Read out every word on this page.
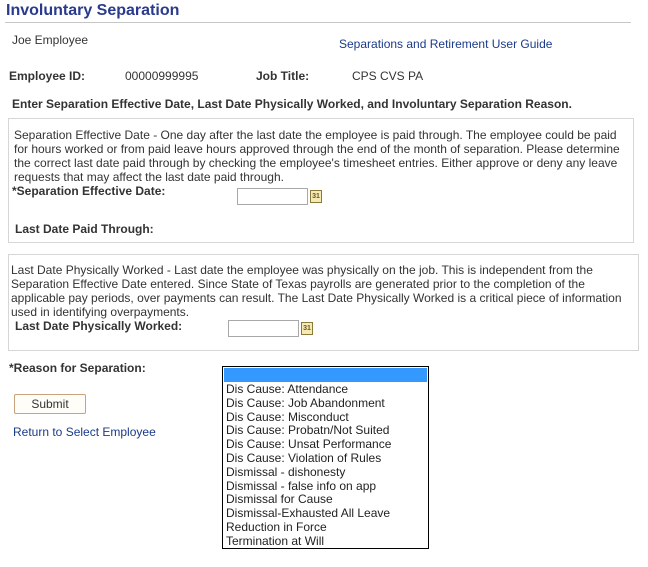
Involuntary Separation
Joe Employee	Separations and Retirement User Guide
Employee ID:	00000999995	Job Title:	CPS CVS PA
Enter Separation Effective Date, Last Date Physically Worked, and Involuntary Separation Reason.
Separation Effective Date - One day after the last date the employee is paid through. The employee could be paid for hours worked or from paid leave hours approved through the end of the month of separation. Please determine the correct last date paid through by checking the employee's timesheet entries. Either approve or deny any leave requests that may affect the last date paid through.
*Separation Effective Date:	31
Last Date Paid Through:
Last Date Physically Worked - Last date the employee was physically on the job. This is independent from the Separation Effective Date entered. Since State of Texas payrolls are generated prior to the completion of the applicable pay periods, over payments can result. The Last Date Physically Worked is a critical piece of information used in identifying overpayments.
Last Date Physically Worked:	31
*Reason for Separation:
Submit
Return to Select Employee
Dis Cause: Attendance
Dis Cause: Job Abandonment
Dis Cause: Misconduct
Dis Cause: Probatn/Not Suited
Dis Cause: Unsat Performance
Dis Cause: Violation of Rules
Dismissal - dishonesty
Dismissal - false info on app
Dismissal for Cause
Dismissal-Exhausted All Leave
Reduction in Force
Termination at Will
